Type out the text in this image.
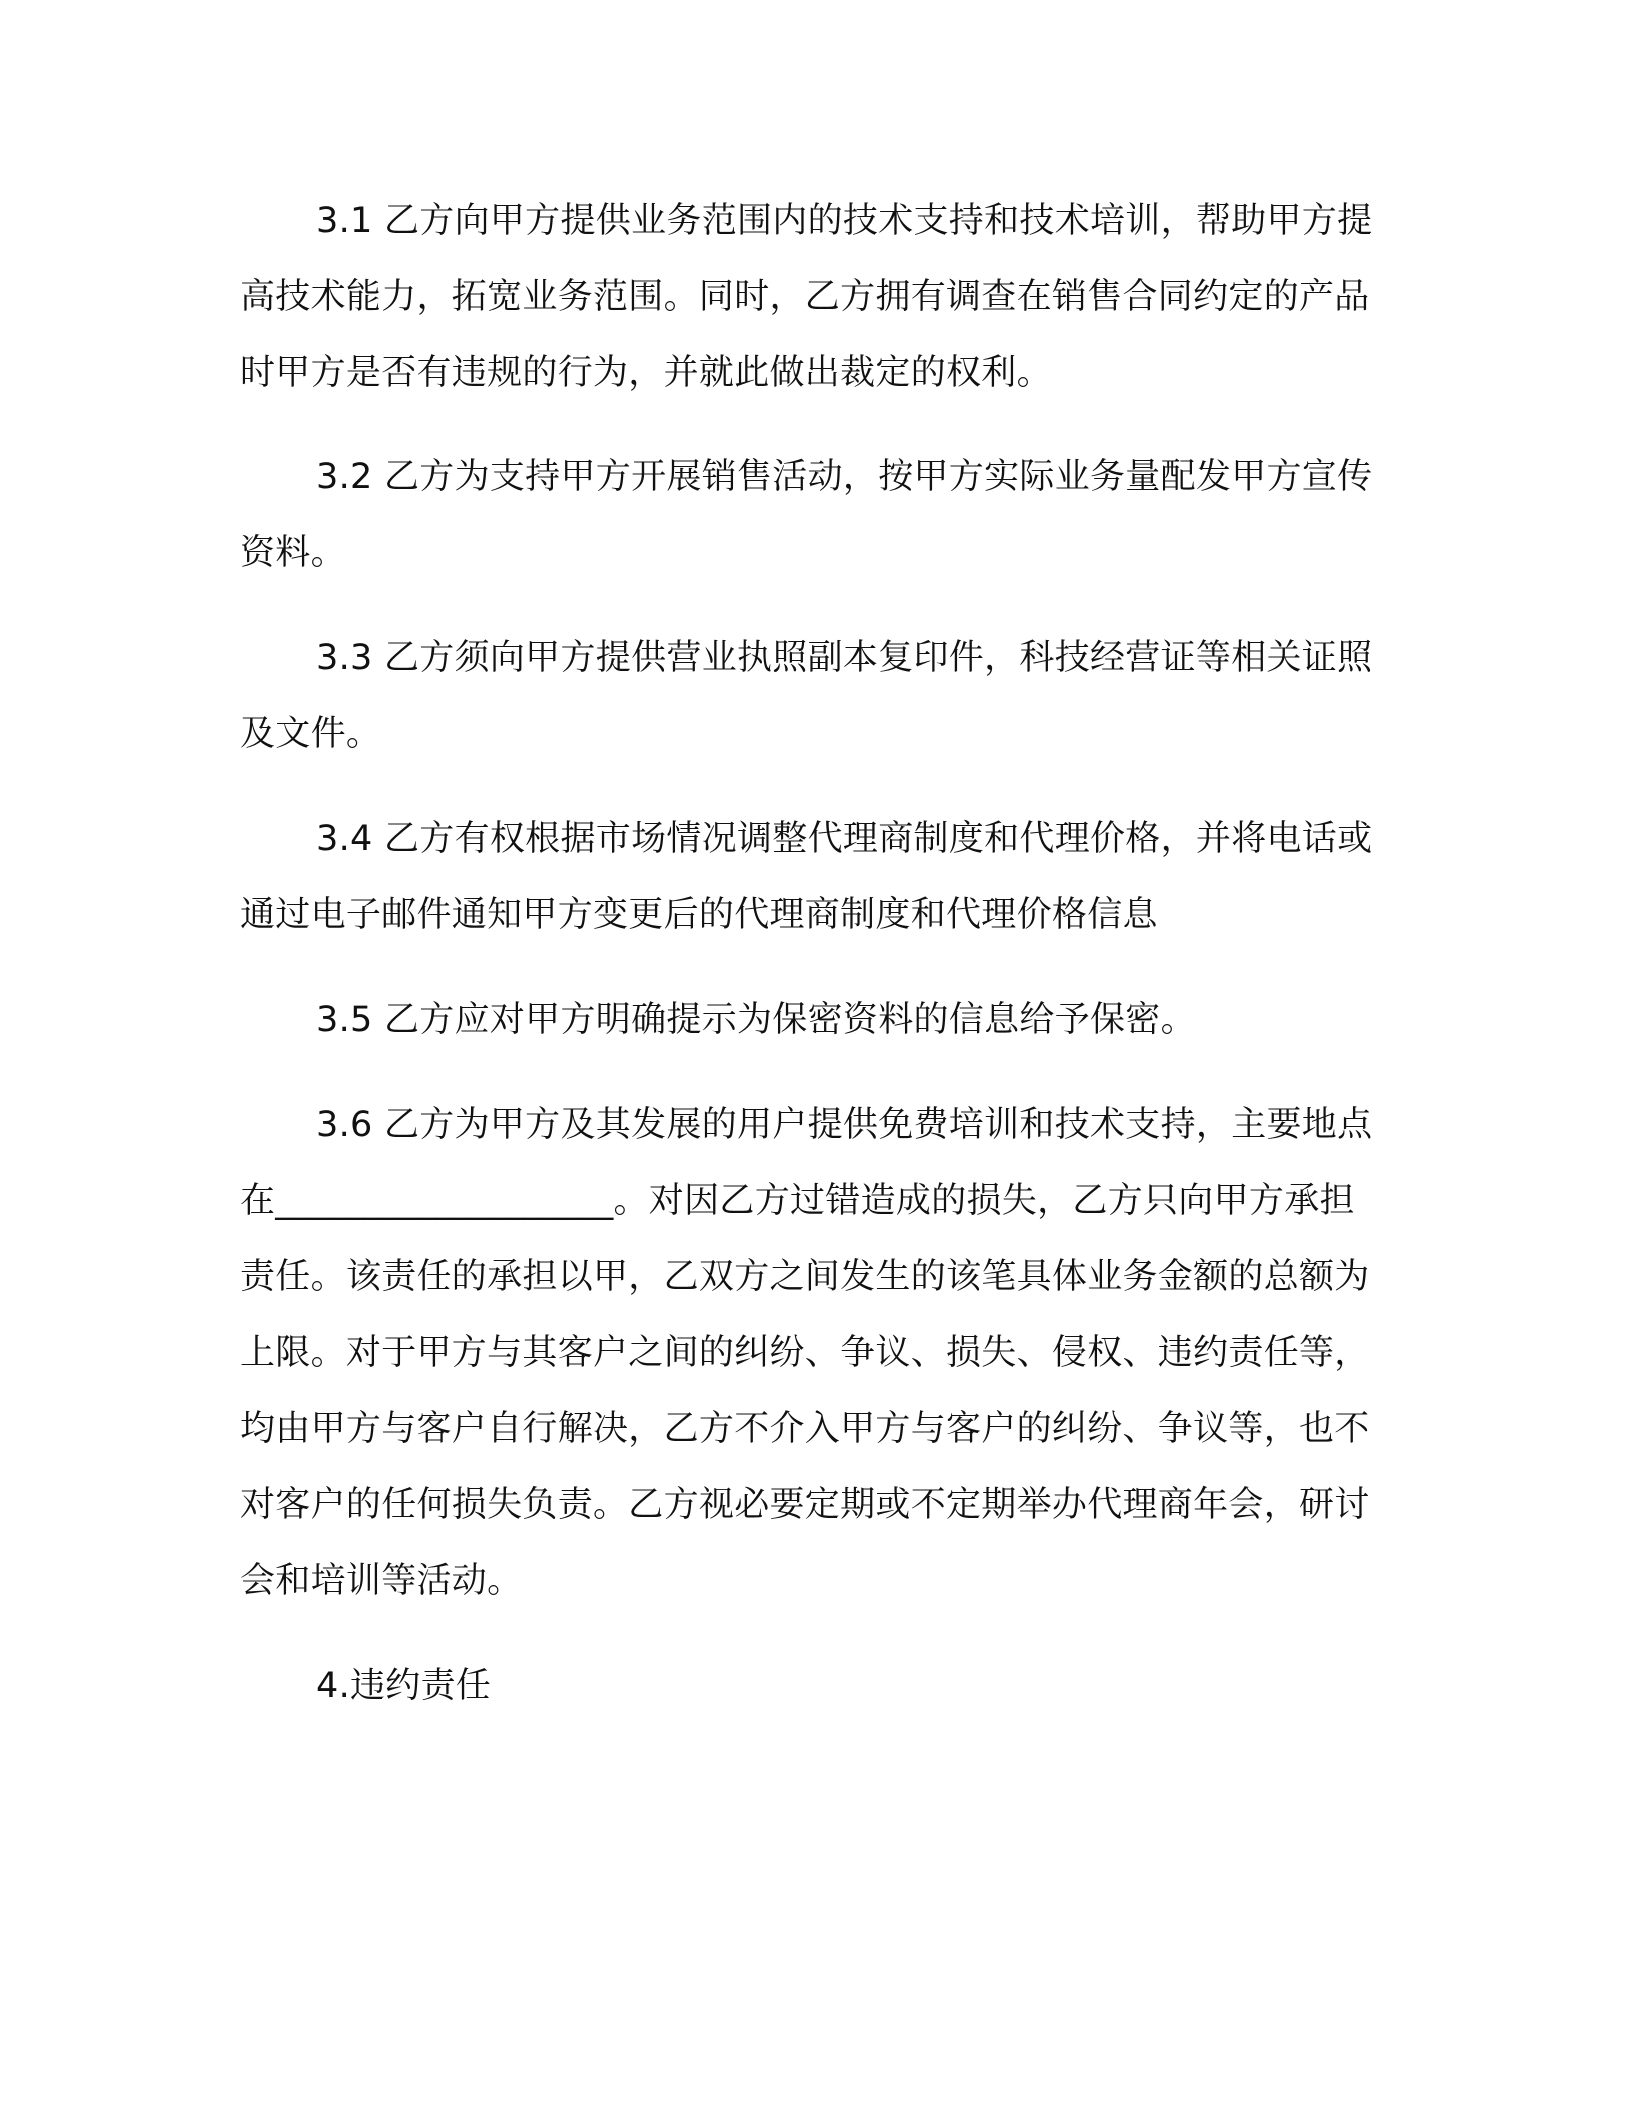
3.1 乙方向甲方提供业务范围内的技术支持和技术培训，帮助甲方提高技术能力，拓宽业务范围。同时，乙方拥有调查在销售合同约定的产品时甲方是否有违规的行为，并就此做出裁定的权利。

3.2 乙方为支持甲方开展销售活动，按甲方实际业务量配发甲方宣传资料。

3.3 乙方须向甲方提供营业执照副本复印件，科技经营证等相关证照及文件。

3.4 乙方有权根据市场情况调整代理商制度和代理价格，并将电话或通过电子邮件通知甲方变更后的代理商制度和代理价格信息

3.5 乙方应对甲方明确提示为保密资料的信息给予保密。

3.6 乙方为甲方及其发展的用户提供免费培训和技术支持，主要地点在___________________。对因乙方过错造成的损失，乙方只向甲方承担责任。该责任的承担以甲，乙双方之间发生的该笔具体业务金额的总额为上限。对于甲方与其客户之间的纠纷、争议、损失、侵权、违约责任等，均由甲方与客户自行解决，乙方不介入甲方与客户的纠纷、争议等，也不对客户的任何损失负责。乙方视必要定期或不定期举办代理商年会，研讨会和培训等活动。

4.违约责任
